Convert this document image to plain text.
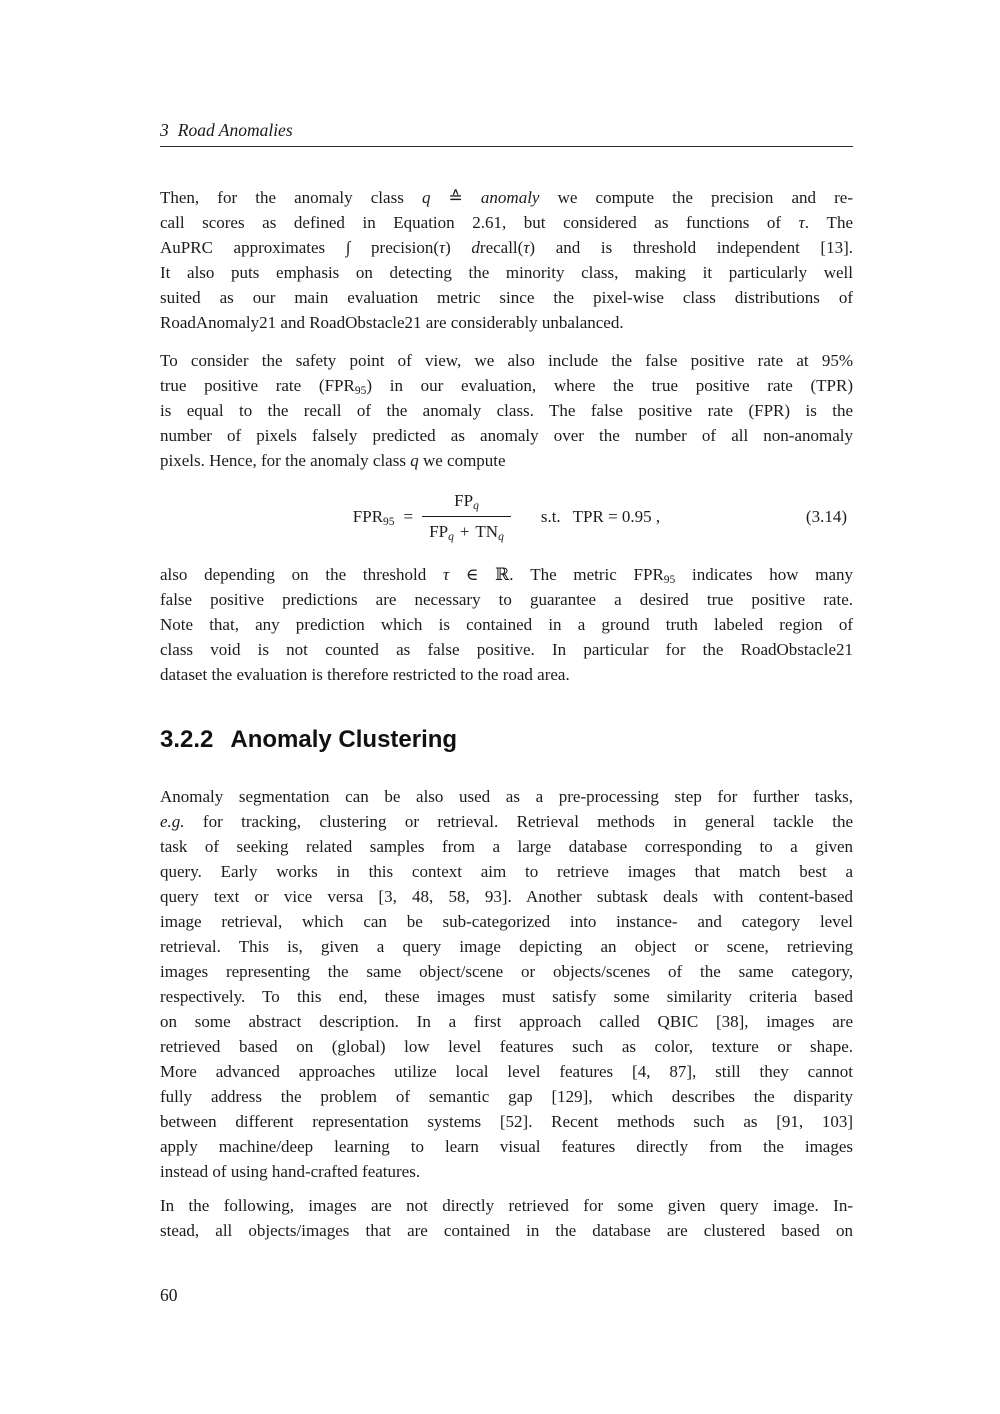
3 Road Anomalies
Then, for the anomaly class q ≙ anomaly we compute the precision and re-
call scores as defined in Equation 2.61, but considered as functions of τ. The
AuPRC approximates ∫ precision(τ) drecall(τ) and is threshold independent [13].
It also puts emphasis on detecting the minority class, making it particularly well
suited as our main evaluation metric since the pixel-wise class distributions of
RoadAnomaly21 and RoadObstacle21 are considerably unbalanced.
To consider the safety point of view, we also include the false positive rate at 95%
true positive rate $(FPR_{95})$ in our evaluation, where the true positive rate (TPR)
is equal to the recall of the anomaly class. The false positive rate (FPR) is the
number of pixels falsely predicted as anomaly over the number of all non-anomaly
pixels. Hence, for the anomaly class q we compute
$FPR95 = \frac{\text{FPq}}{\text{FPq + TNq}} s.t$. TPR = 0.95 ,	(3.14)
also depending on the threshold τ ∈ ℝ. The metric $FPR_{95}$ indicates how many
false positive predictions are necessary to guarantee a desired true positive rate.
Note that, any prediction which is contained in a ground truth labeled region of
class void is not counted as false positive. In particular for the RoadObstacle21
dataset the evaluation is therefore restricted to the road area.
3.2.2 Anomaly Clustering
Anomaly segmentation can be also used as a pre-processing step for further tasks,
e.g. for tracking, clustering or retrieval. Retrieval methods in general tackle the
task of seeking related samples from a large database corresponding to a given
query. Early works in this context aim to retrieve images that match best a
query text or vice versa [3, 48, 58, 93]. Another subtask deals with content-based
image retrieval, which can be sub-categorized into instance- and category level
retrieval. This is, given a query image depicting an object or scene, retrieving
images representing the same object/scene or objects/scenes of the same category,
respectively. To this end, these images must satisfy some similarity criteria based
on some abstract description. In a first approach called QBIC [38], images are
retrieved based on (global) low level features such as color, texture or shape.
More advanced approaches utilize local level features [4, 87], still they cannot
fully address the problem of semantic gap [129], which describes the disparity
between different representation systems [52]. Recent methods such as [91, 103]
apply machine/deep learning to learn visual features directly from the images
instead of using hand-crafted features.
In the following, images are not directly retrieved for some given query image. In-
stead, all objects/images that are contained in the database are clustered based on
60
